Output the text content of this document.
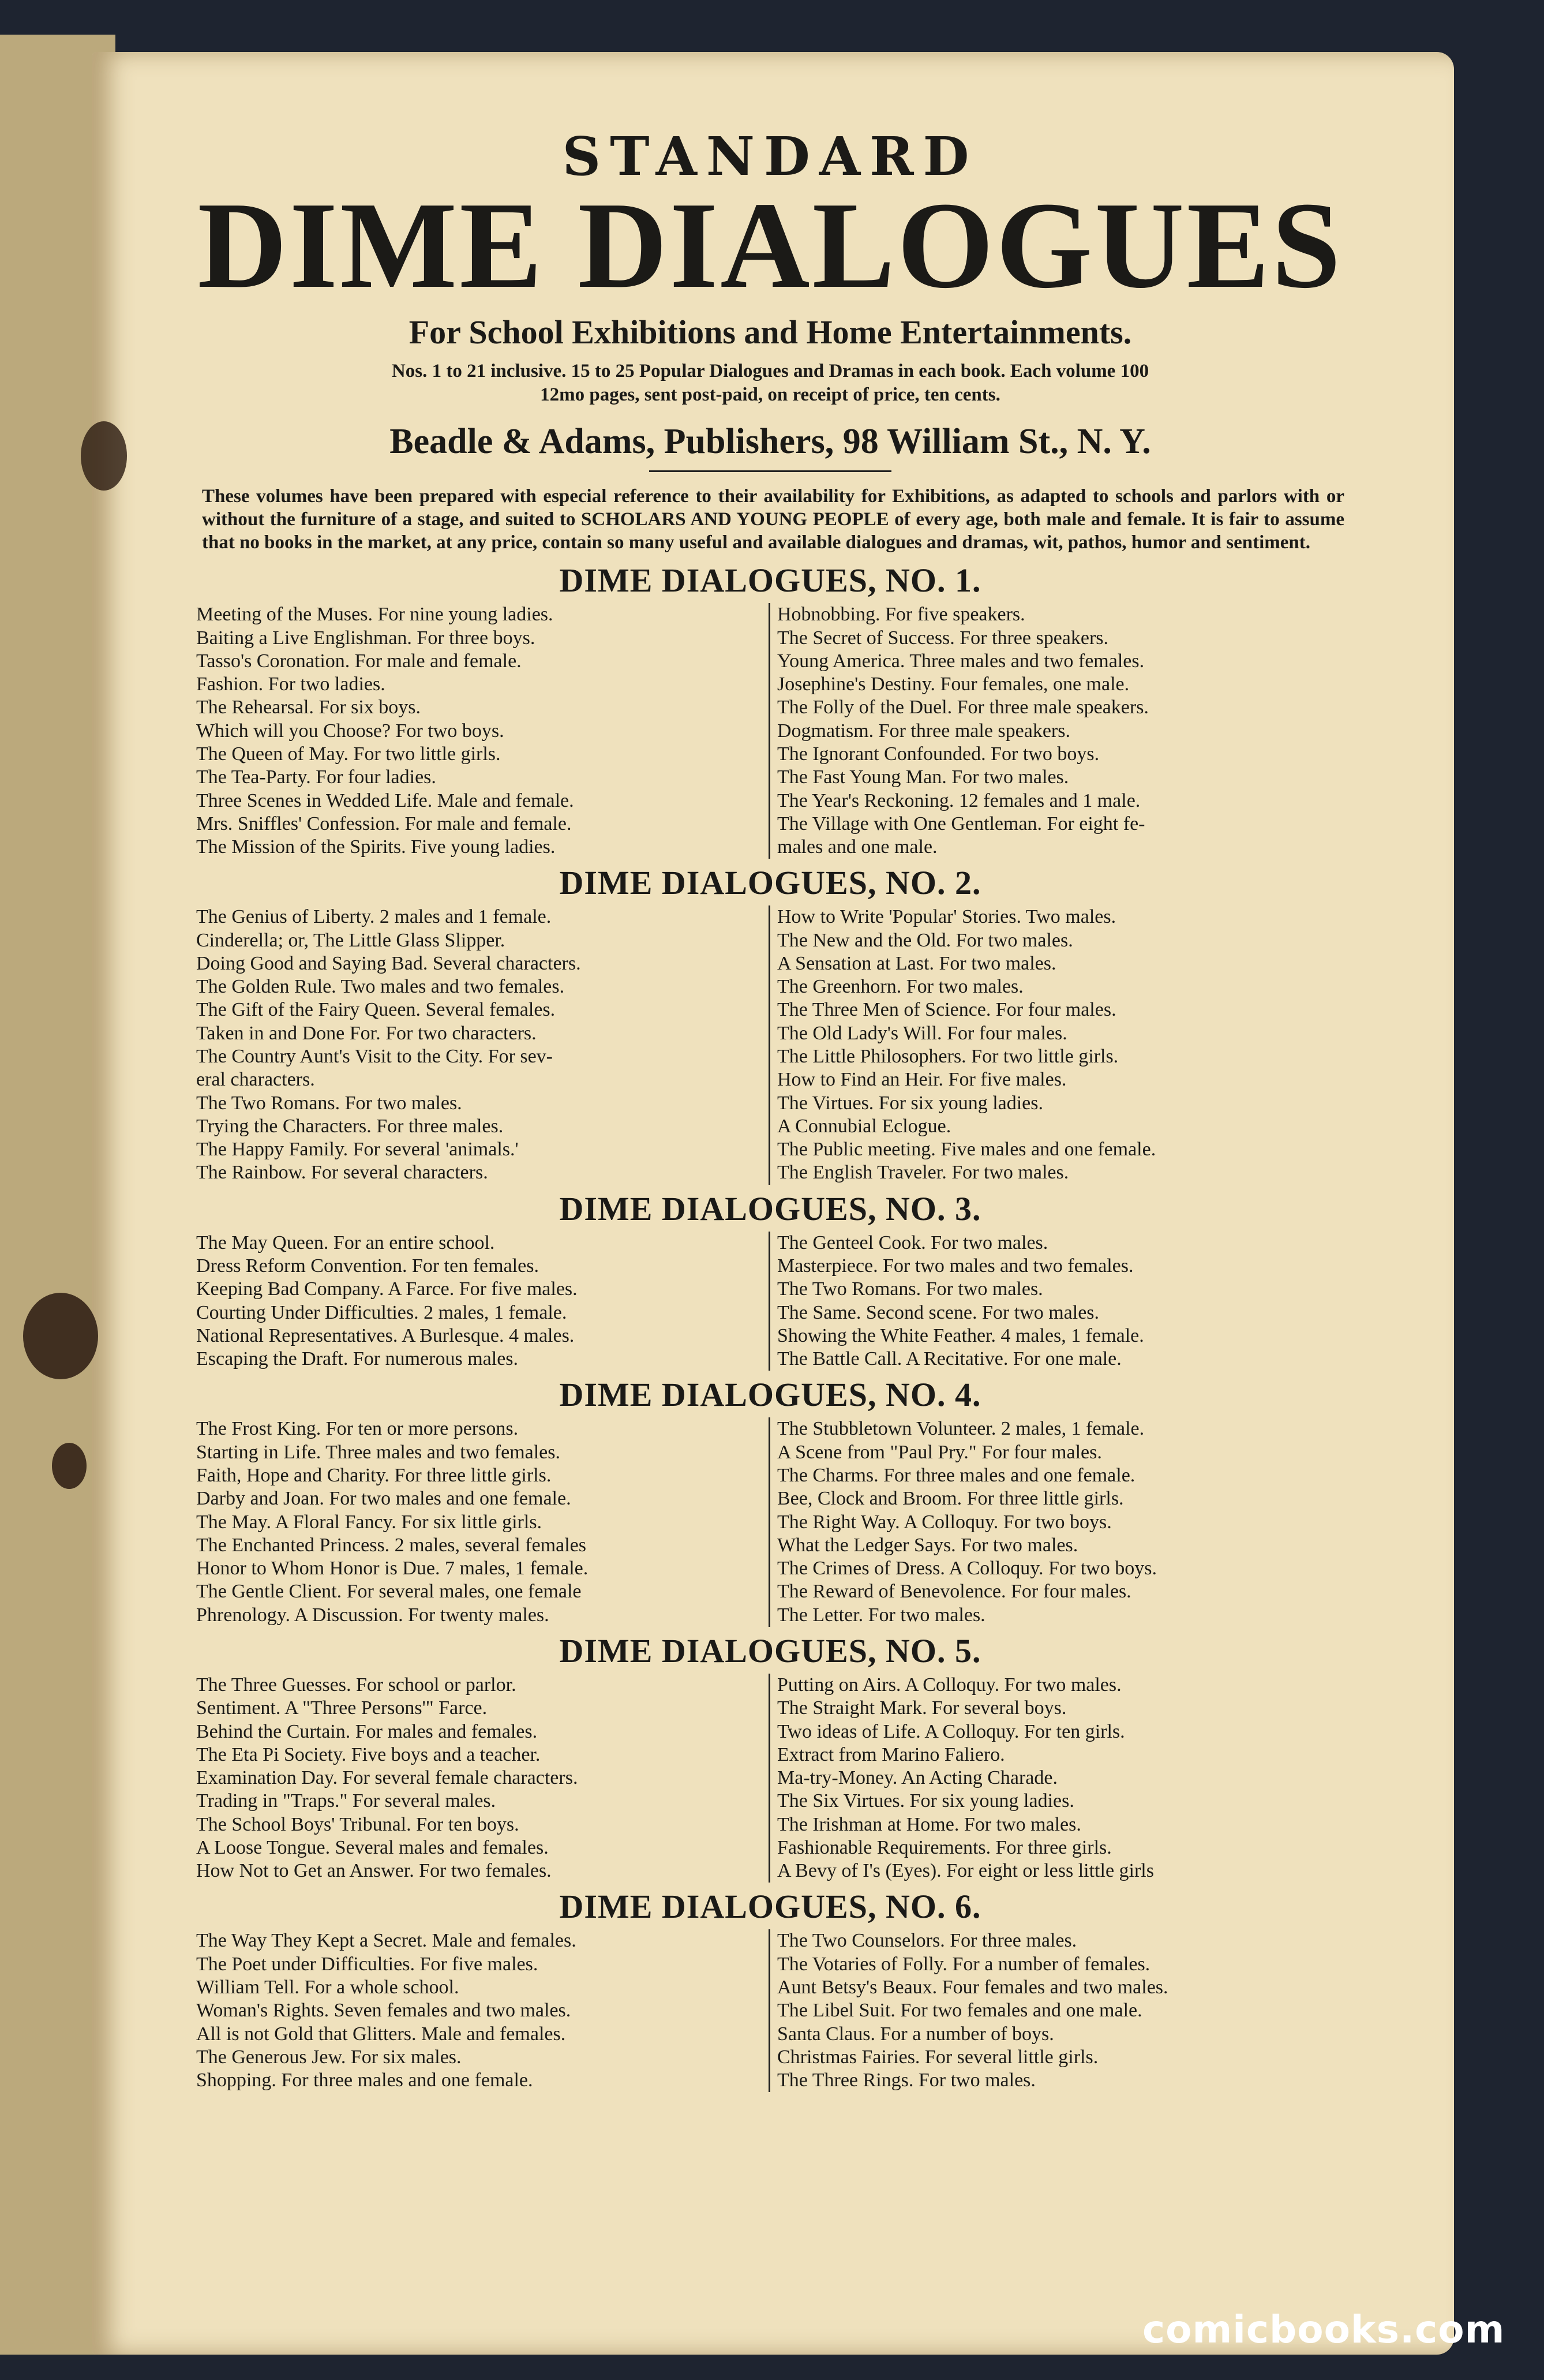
STANDARD

DIME DIALOGUES

For School Exhibitions and Home Entertainments.

Nos. 1 to 21 inclusive. 15 to 25 Popular Dialogues and Dramas in each book. Each volume 100

12mo pages, sent post-paid, on receipt of price, ten cents.

Beadle & Adams, Publishers, 98 William St., N. Y.

These volumes have been prepared with especial reference to their availability for Exhibitions, as adapted to schools and parlors with or without the furniture of a stage, and suited to SCHOLARS AND YOUNG PEOPLE of every age, both male and female. It is fair to assume that no books in the market, at any price, contain so many useful and available dialogues and dramas, wit, pathos, humor and sentiment.

DIME DIALOGUES, NO. 1.

Meeting of the Muses. For nine young ladies.
Baiting a Live Englishman. For three boys.
Tasso's Coronation. For male and female.
Fashion. For two ladies.
The Rehearsal. For six boys.
Which will you Choose? For two boys.
The Queen of May. For two little girls.
The Tea-Party. For four ladies.
Three Scenes in Wedded Life. Male and female.
Mrs. Sniffles' Confession. For male and female.
The Mission of the Spirits. Five young ladies.
Hobnobbing. For five speakers.
The Secret of Success. For three speakers.
Young America. Three males and two females.
Josephine's Destiny. Four females, one male.
The Folly of the Duel. For three male speakers.
Dogmatism. For three male speakers.
The Ignorant Confounded. For two boys.
The Fast Young Man. For two males.
The Year's Reckoning. 12 females and 1 male.
The Village with One Gentleman. For eight fe-
males and one male.

DIME DIALOGUES, NO. 2.

The Genius of Liberty. 2 males and 1 female.
Cinderella; or, The Little Glass Slipper.
Doing Good and Saying Bad. Several characters.
The Golden Rule. Two males and two females.
The Gift of the Fairy Queen. Several females.
Taken in and Done For. For two characters.
The Country Aunt's Visit to the City. For sev-
eral characters.
The Two Romans. For two males.
Trying the Characters. For three males.
The Happy Family. For several 'animals.'
The Rainbow. For several characters.
How to Write 'Popular' Stories. Two males.
The New and the Old. For two males.
A Sensation at Last. For two males.
The Greenhorn. For two males.
The Three Men of Science. For four males.
The Old Lady's Will. For four males.
The Little Philosophers. For two little girls.
How to Find an Heir. For five males.
The Virtues. For six young ladies.
A Connubial Eclogue.
The Public meeting. Five males and one female.
The English Traveler. For two males.

DIME DIALOGUES, NO. 3.

The May Queen. For an entire school.
Dress Reform Convention. For ten females.
Keeping Bad Company. A Farce. For five males.
Courting Under Difficulties. 2 males, 1 female.
National Representatives. A Burlesque. 4 males.
Escaping the Draft. For numerous males.
The Genteel Cook. For two males.
Masterpiece. For two males and two females.
The Two Romans. For two males.
The Same. Second scene. For two males.
Showing the White Feather. 4 males, 1 female.
The Battle Call. A Recitative. For one male.

DIME DIALOGUES, NO. 4.

The Frost King. For ten or more persons.
Starting in Life. Three males and two females.
Faith, Hope and Charity. For three little girls.
Darby and Joan. For two males and one female.
The May. A Floral Fancy. For six little girls.
The Enchanted Princess. 2 males, several females
Honor to Whom Honor is Due. 7 males, 1 female.
The Gentle Client. For several males, one female
Phrenology. A Discussion. For twenty males.
The Stubbletown Volunteer. 2 males, 1 female.
A Scene from "Paul Pry." For four males.
The Charms. For three males and one female.
Bee, Clock and Broom. For three little girls.
The Right Way. A Colloquy. For two boys.
What the Ledger Says. For two males.
The Crimes of Dress. A Colloquy. For two boys.
The Reward of Benevolence. For four males.
The Letter. For two males.

DIME DIALOGUES, NO. 5.

The Three Guesses. For school or parlor.
Sentiment. A "Three Persons'" Farce.
Behind the Curtain. For males and females.
The Eta Pi Society. Five boys and a teacher.
Examination Day. For several female characters.
Trading in "Traps." For several males.
The School Boys' Tribunal. For ten boys.
A Loose Tongue. Several males and females.
How Not to Get an Answer. For two females.
Putting on Airs. A Colloquy. For two males.
The Straight Mark. For several boys.
Two ideas of Life. A Colloquy. For ten girls.
Extract from Marino Faliero.
Ma-try-Money. An Acting Charade.
The Six Virtues. For six young ladies.
The Irishman at Home. For two males.
Fashionable Requirements. For three girls.
A Bevy of I's (Eyes). For eight or less little girls

DIME DIALOGUES, NO. 6.

The Way They Kept a Secret. Male and females.
The Poet under Difficulties. For five males.
William Tell. For a whole school.
Woman's Rights. Seven females and two males.
All is not Gold that Glitters. Male and females.
The Generous Jew. For six males.
Shopping. For three males and one female.
The Two Counselors. For three males.
The Votaries of Folly. For a number of females.
Aunt Betsy's Beaux. Four females and two males.
The Libel Suit. For two females and one male.
Santa Claus. For a number of boys.
Christmas Fairies. For several little girls.
The Three Rings. For two males.
comicbooks.com
